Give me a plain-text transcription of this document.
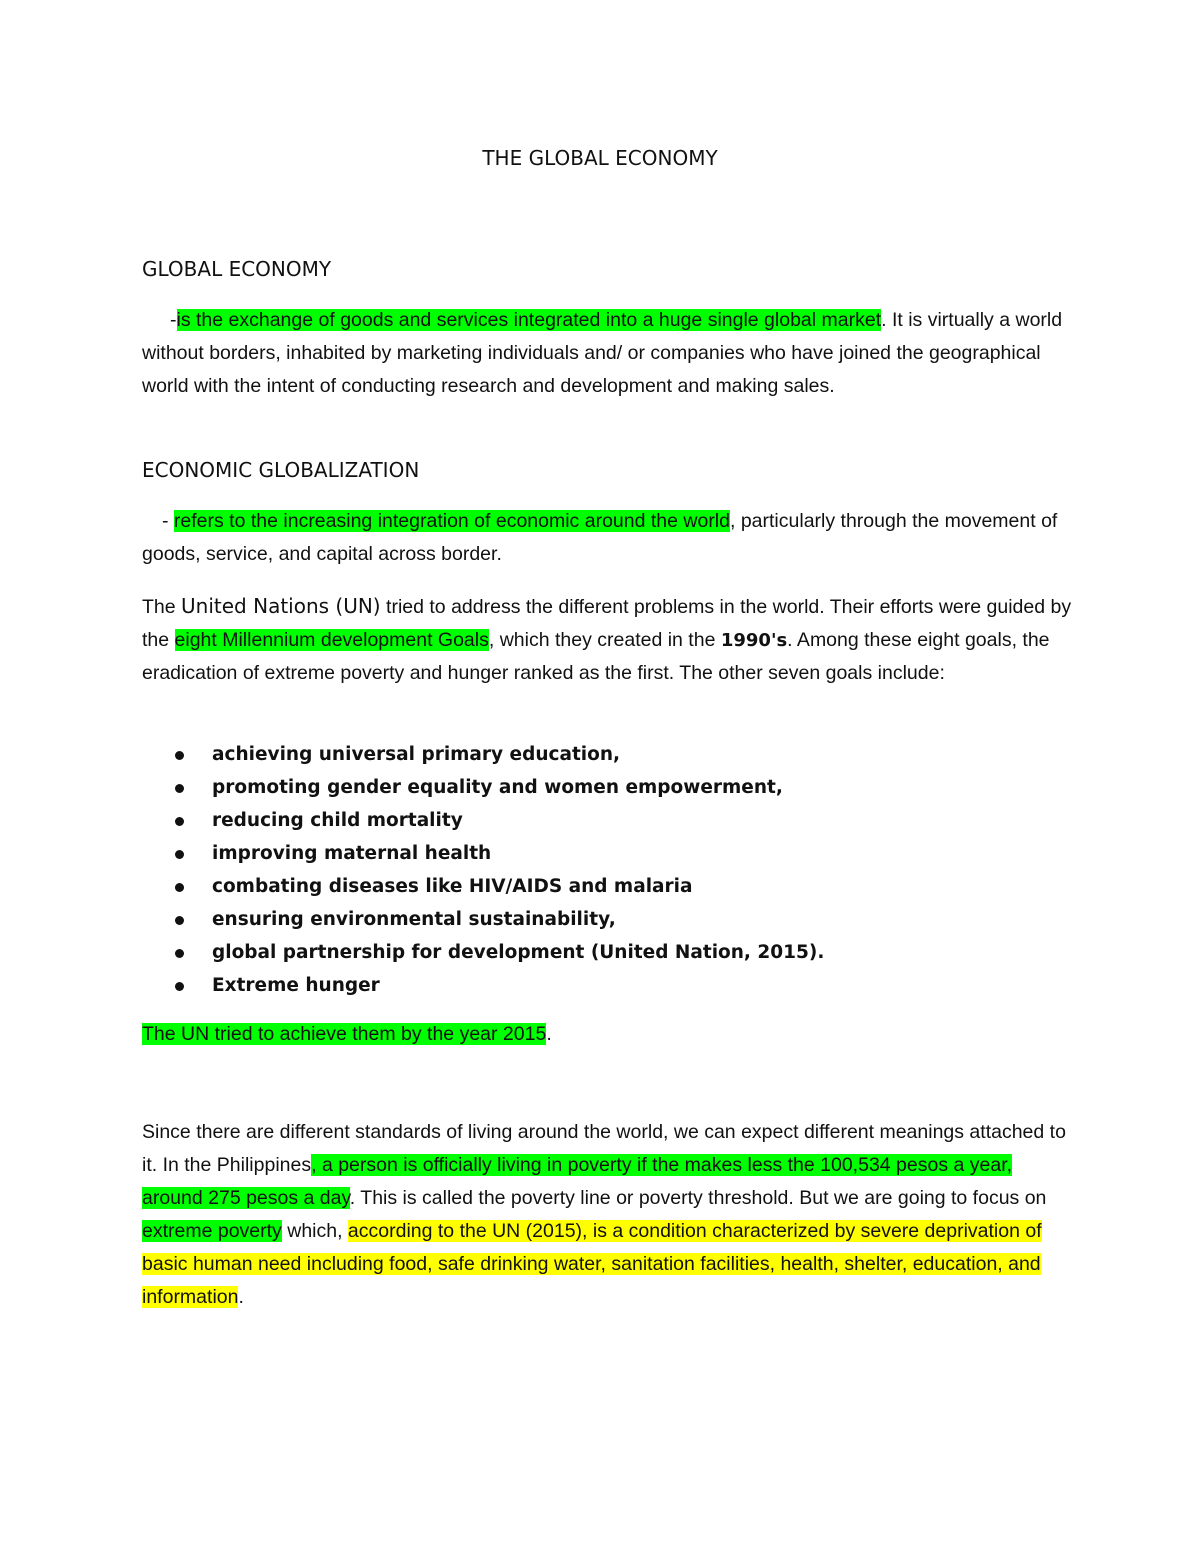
THE GLOBAL ECONOMY
GLOBAL ECONOMY
-is the exchange of goods and services integrated into a huge single global market. It is virtually a world without borders, inhabited by marketing individuals and/ or companies who have joined the geographical world with the intent of conducting research and development and making sales.
ECONOMIC GLOBALIZATION
- refers to the increasing integration of economic around the world, particularly through the movement of goods, service, and capital across border.
The United Nations (UN) tried to address the different problems in the world. Their efforts were guided by the eight Millennium development Goals, which they created in the 1990's. Among these eight goals, the eradication of extreme poverty and hunger ranked as the first. The other seven goals include:
achieving universal primary education,
promoting gender equality and women empowerment,
reducing child mortality
improving maternal health
combating diseases like HIV/AIDS and malaria
ensuring environmental sustainability,
global partnership for development (United Nation, 2015).
Extreme hunger
The UN tried to achieve them by the year 2015.
Since there are different standards of living around the world, we can expect different meanings attached to it. In the Philippines, a person is officially living in poverty if the makes less the 100,534 pesos a year, around 275 pesos a day. This is called the poverty line or poverty threshold. But we are going to focus on extreme poverty which, according to the UN (2015), is a condition characterized by severe deprivation of basic human need including food, safe drinking water, sanitation facilities, health, shelter, education, and information.
